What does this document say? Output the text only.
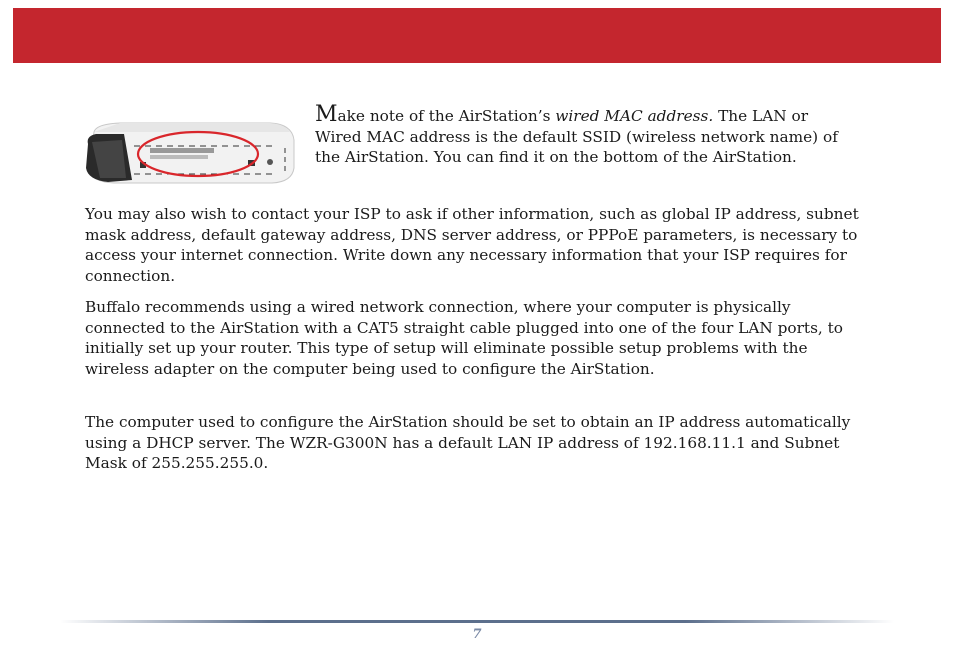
Make note of the AirStation’s wired MAC address. The LAN or Wired MAC address is the default SSID (wireless network name) of the AirStation. You can find it on the bottom of the AirStation.

You may also wish to contact your ISP to ask if other information, such as global IP address, subnet mask address, default gateway address, DNS server address, or PPPoE parameters, is necessary to access your internet connection. Write down any necessary information that your ISP requires for connection.

Buffalo recommends using a wired network connection, where your computer is physically connected to the AirStation with a CAT5 straight cable plugged into one of the four LAN ports, to initially set up your router. This type of setup will eliminate possible setup problems with the wireless adapter on the computer being used to configure the AirStation.

The computer used to configure the AirStation should be set to obtain an IP address automatically using a DHCP server. The WZR-G300N has a default LAN IP address of 192.168.11.1 and Subnet Mask of 255.255.255.0.

7
